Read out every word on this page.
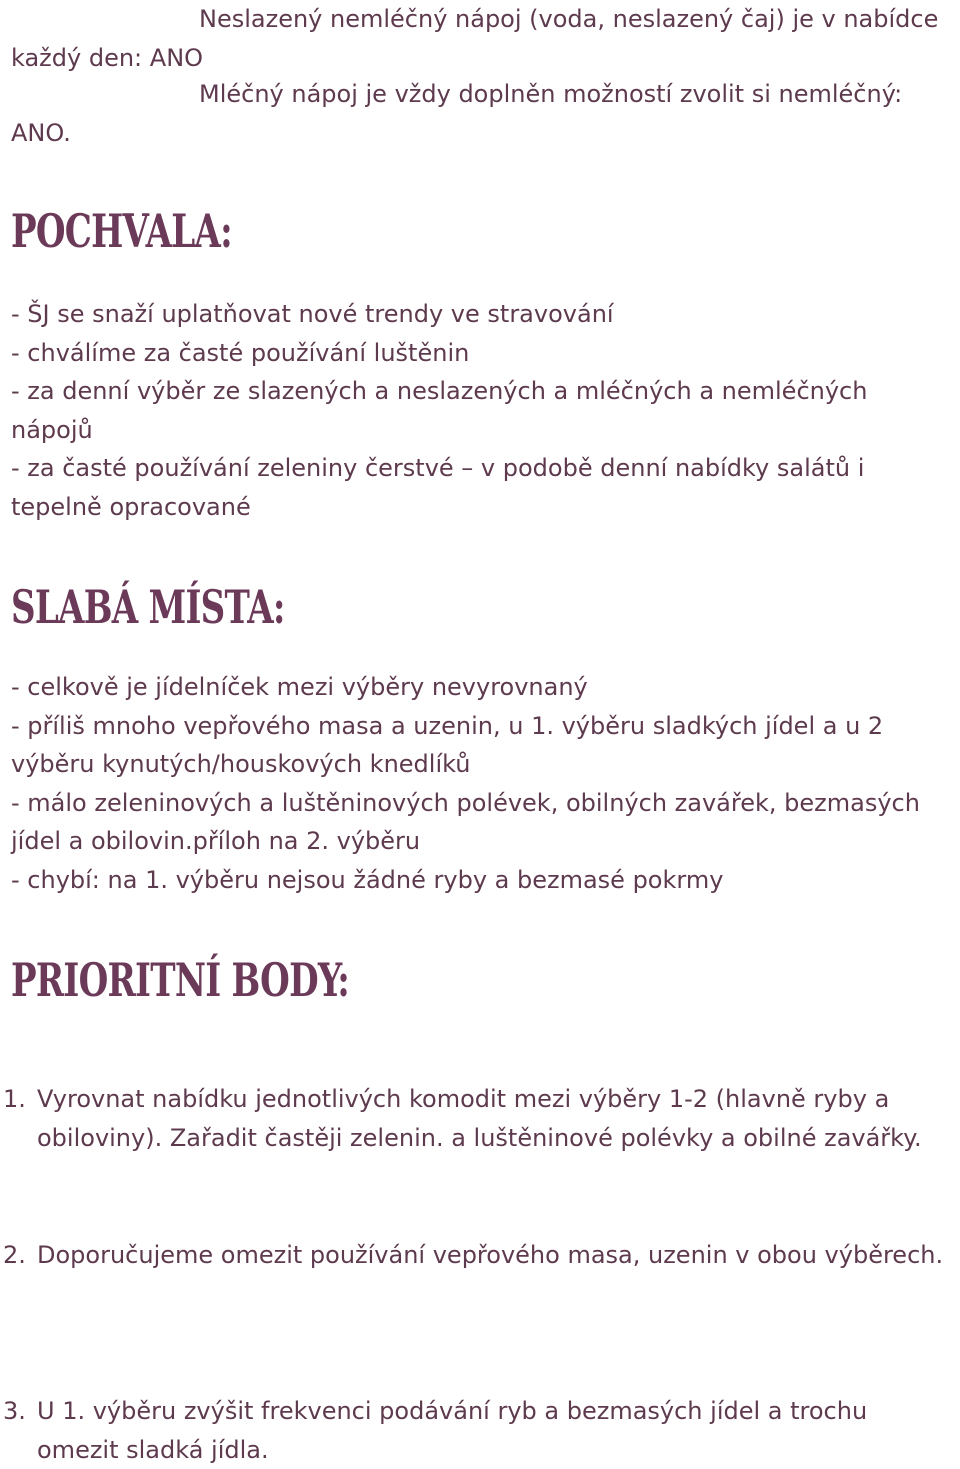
Neslazený nemléčný nápoj (voda, neslazený čaj) je v nabídce každý den: ANO

Mléčný nápoj je vždy doplněn možností zvolit si nemléčný: ANO.

POCHVALA:
- ŠJ se snaží uplatňovat nové trendy ve stravování
- chválíme za časté používání luštěnin
- za denní výběr ze slazených a neslazených a mléčných a nemléčných nápojů
- za časté používání zeleniny čerstvé – v podobě denní nabídky salátů i tepelně opracované
SLABÁ MÍSTA:
- celkově je jídelníček mezi výběry nevyrovnaný
- příliš mnoho vepřového masa a uzenin, u 1. výběru sladkých jídel a u 2 výběru kynutých/houskových knedlíků
- málo zeleninových a luštěninových polévek, obilných zavářek, bezmasých jídel a obilovin.příloh na 2. výběru
- chybí: na 1. výběru nejsou žádné ryby a bezmasé pokrmy
PRIORITNÍ BODY:
1. Vyrovnat nabídku jednotlivých komodit mezi výběry 1-2 (hlavně ryby a obiloviny). Zařadit častěji zelenin. a luštěninové polévky a obilné zavářky.
2. Doporučujeme omezit používání vepřového masa, uzenin v obou výběrech.
3. U 1. výběru zvýšit frekvenci podávání ryb a bezmasých jídel a trochu omezit sladká jídla.
